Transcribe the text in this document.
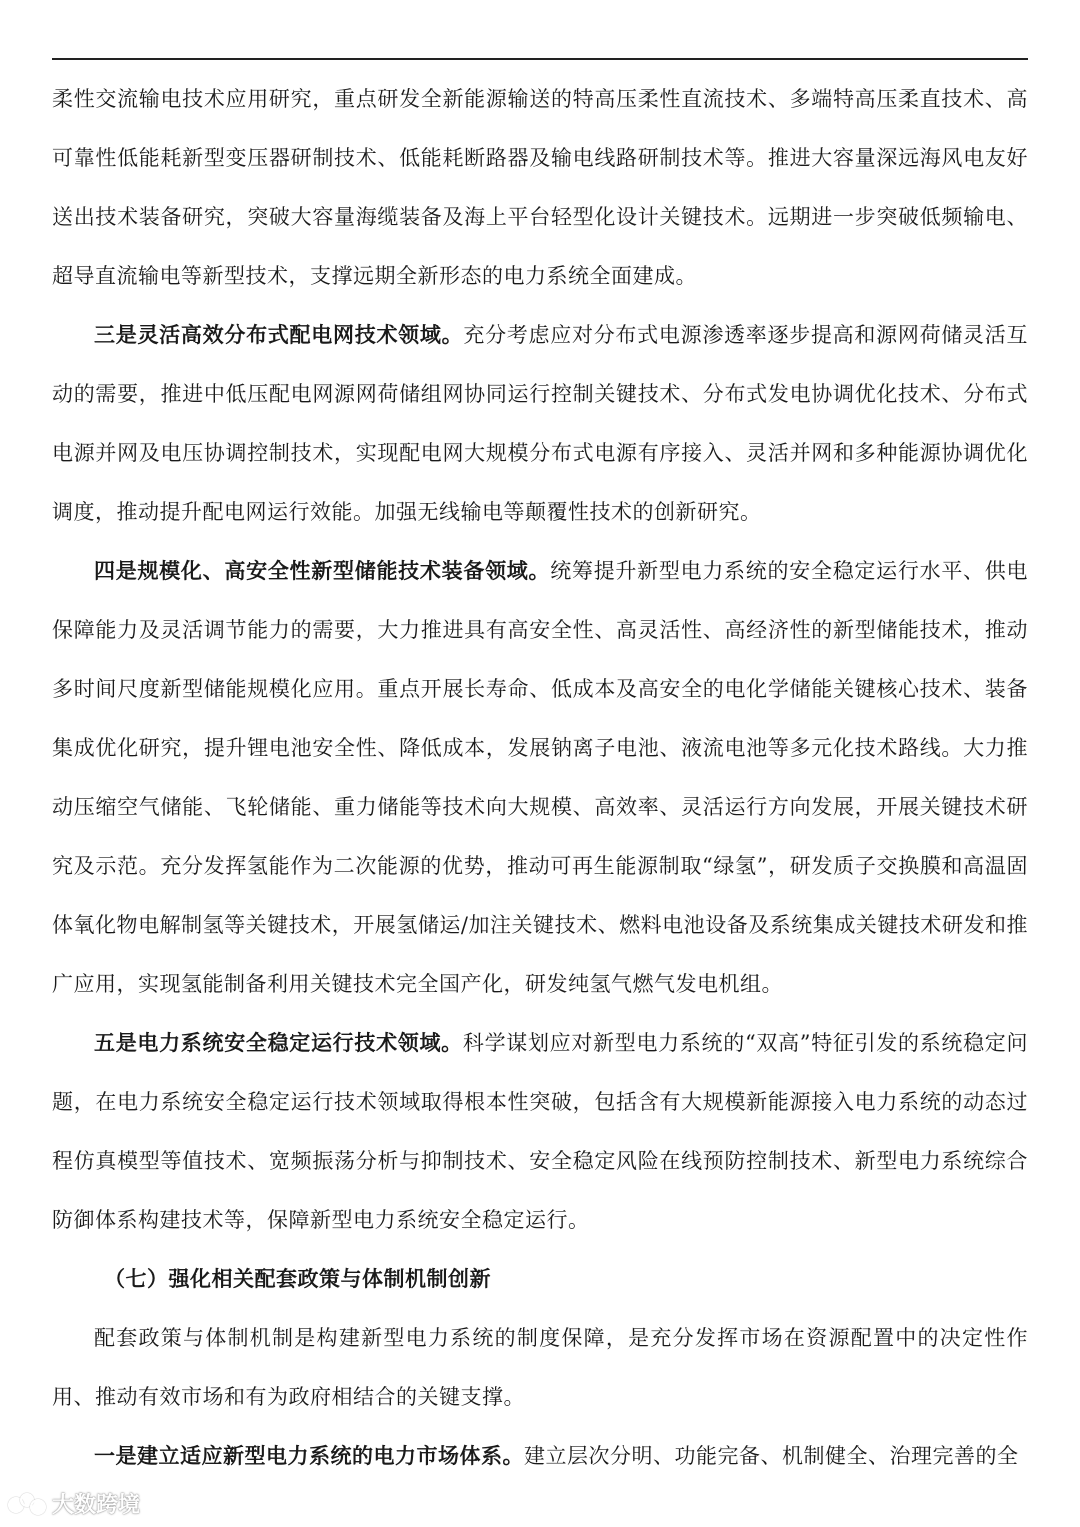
柔性交流输电技术应用研究，重点研发全新能源输送的特高压柔性直流技术、多端特高压柔直技术、高可靠性低能耗新型变压器研制技术、低能耗断路器及输电线路研制技术等。推进大容量深远海风电友好送出技术装备研究，突破大容量海缆装备及海上平台轻型化设计关键技术。远期进一步突破低频输电、超导直流输电等新型技术，支撑远期全新形态的电力系统全面建成。

三是灵活高效分布式配电网技术领域。充分考虑应对分布式电源渗透率逐步提高和源网荷储灵活互动的需要，推进中低压配电网源网荷储组网协同运行控制关键技术、分布式发电协调优化技术、分布式电源并网及电压协调控制技术，实现配电网大规模分布式电源有序接入、灵活并网和多种能源协调优化调度，推动提升配电网运行效能。加强无线输电等颠覆性技术的创新研究。

四是规模化、高安全性新型储能技术装备领域。统筹提升新型电力系统的安全稳定运行水平、供电保障能力及灵活调节能力的需要，大力推进具有高安全性、高灵活性、高经济性的新型储能技术，推动多时间尺度新型储能规模化应用。重点开展长寿命、低成本及高安全的电化学储能关键核心技术、装备集成优化研究，提升锂电池安全性、降低成本，发展钠离子电池、液流电池等多元化技术路线。大力推动压缩空气储能、飞轮储能、重力储能等技术向大规模、高效率、灵活运行方向发展，开展关键技术研究及示范。充分发挥氢能作为二次能源的优势，推动可再生能源制取“绿氢”，研发质子交换膜和高温固体氧化物电解制氢等关键技术，开展氢储运/加注关键技术、燃料电池设备及系统集成关键技术研发和推广应用，实现氢能制备利用关键技术完全国产化，研发纯氢气燃气发电机组。

五是电力系统安全稳定运行技术领域。科学谋划应对新型电力系统的“双高”特征引发的系统稳定问题，在电力系统安全稳定运行技术领域取得根本性突破，包括含有大规模新能源接入电力系统的动态过程仿真模型等值技术、宽频振荡分析与抑制技术、安全稳定风险在线预防控制技术、新型电力系统综合防御体系构建技术等，保障新型电力系统安全稳定运行。

（七）强化相关配套政策与体制机制创新

配套政策与体制机制是构建新型电力系统的制度保障，是充分发挥市场在资源配置中的决定性作用、推动有效市场和有为政府相结合的关键支撑。

一是建立适应新型电力系统的电力市场体系。建立层次分明、功能完备、机制健全、治理完善的全

大数跨境
